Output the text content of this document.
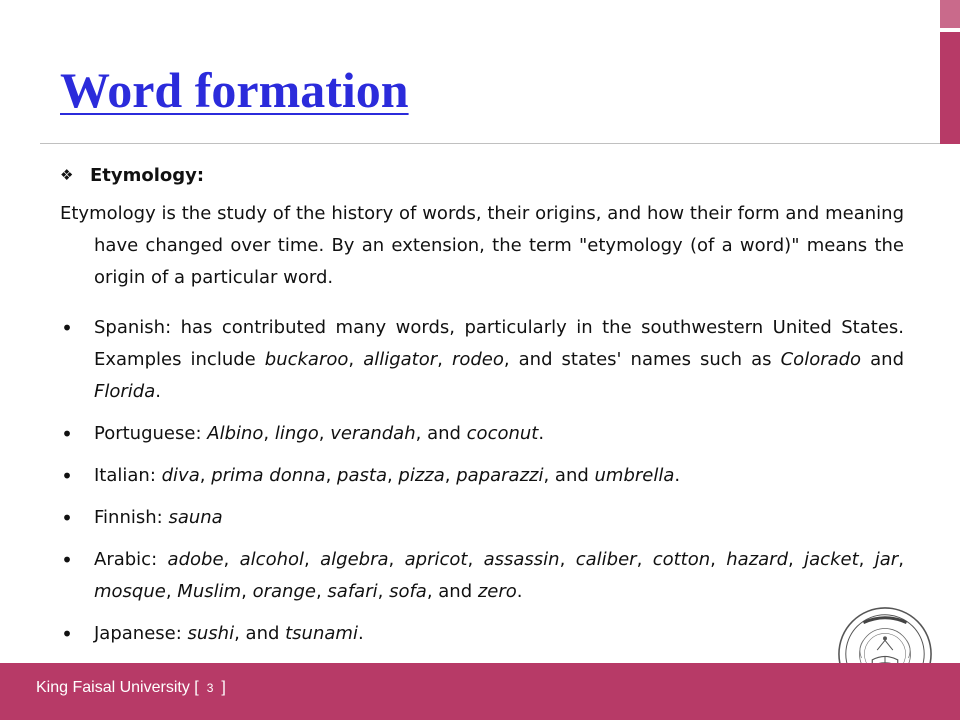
Word formation
❖ Etymology:

Etymology is the study of the history of words, their origins, and how their form and meaning have changed over time. By an extension, the term "etymology (of a word)" means the origin of a particular word.

• Spanish: has contributed many words, particularly in the southwestern United States. Examples include buckaroo, alligator, rodeo, and states' names such as Colorado and Florida.
• Portuguese: Albino, lingo, verandah, and coconut.
• Italian: diva, prima donna, pasta, pizza, paparazzi, and umbrella.
• Finnish: sauna
• Arabic: adobe, alcohol, algebra, apricot, assassin, caliber, cotton, hazard, jacket, jar, mosque, Muslim, orange, safari, sofa, and zero.
• Japanese: sushi, and tsunami.
King Faisal University [ 3 ]
